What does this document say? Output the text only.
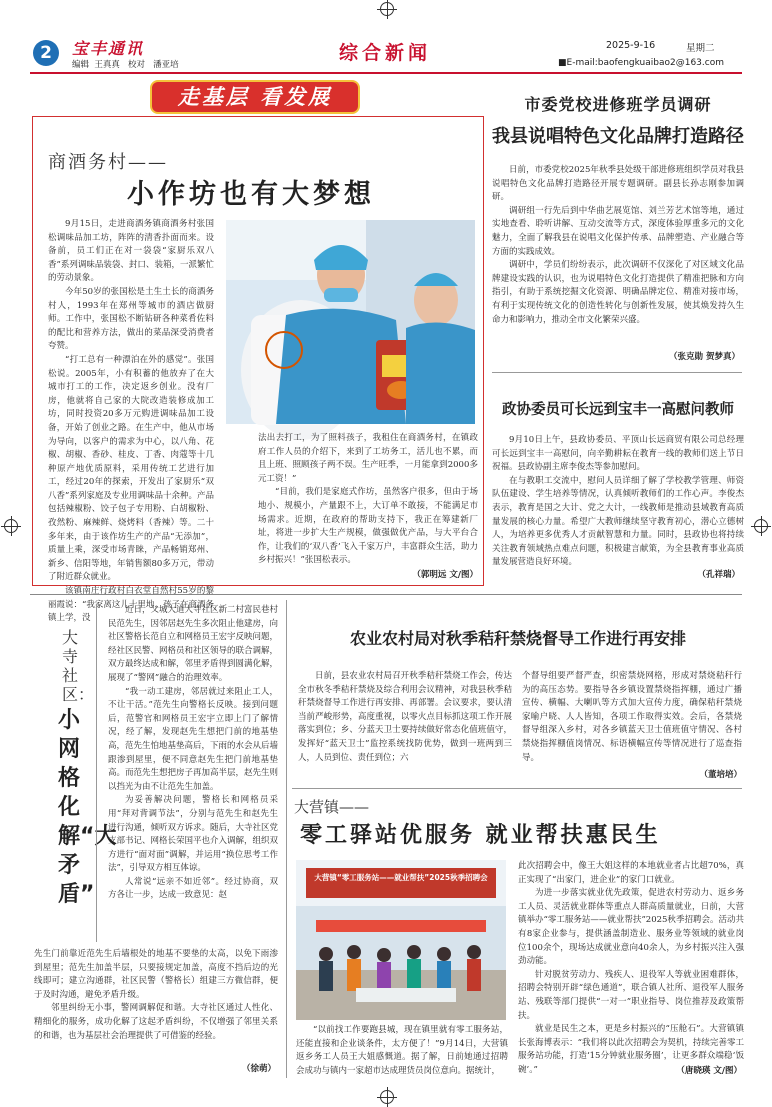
2	宝丰通讯
编辑  王真真   校对   潘亚培
综合新闻	2025-9-16	星期二
■E-mail:baofengkuaibao2@163.com
走基层 看发展
商酒务村——
小作坊也有大梦想

9月15日，走进商酒务镇商酒务村张国松调味品加工坊，阵阵的清香扑面而来。设备前，员工们正在对一袋袋“家厨乐双八香”系列调味品装袋、封口、装箱，一派繁忙的劳动景象。

今年50岁的张国松是土生土长的商酒务村人，1993年在郑州等城市的酒店做厨师。工作中，张国松不断钻研各种菜肴佐料的配比和营养方法，做出的菜品深受消费者夸赞。

“打工总有一种漂泊在外的感觉”。张国松说。2005年，小有积蓄的他放弃了在大城市打工的工作，决定返乡创业。没有厂房，他就将自己家的大院改造装修成加工坊，同时投资20多万元购进调味品加工设备，开始了创业之路。在生产中，他从市场为导向，以客户的需求为中心，以八角、花椒、胡椒、香砂、桂皮、丁香、肉蔻等十几种原产地优质原料，采用传统工艺进行加工，经过20年的探索，开发出了家厨乐“双八香”系列家庭及专业用调味品十余种。产品包括辣椒粉、饺子包子专用粉、白胡椒粉、孜然粉、麻辣鲜、烧烤料（香辣）等。二十多年来，由于该作坊生产的产品“无添加”，质量上乘，深受市场青睐，产品畅销郑州、新乡、信阳等地，年销售额80多万元，带动了附近群众就业。

该镇南庄行政村白衣堂自然村55岁的黎丽霞说：“我家离这儿十里地，孩子在商酒务镇上学，没

法出去打工，为了照料孩子，我租住在商酒务村，在镇政府工作人员的介绍下，来到了工坊务工，活儿也不累，而且上班、照顾孩子两不误。生产旺季，一月能拿到2000多元工资！”

“目前，我们是家庭式作坊，虽然客户很多，但由于场地小、规模小，产量跟不上，大订单不敢接，不能满足市场需求。近期，在政府的帮助支持下，我正在筹建新厂址，将进一步扩大生产规模，做强做优产品，与大平台合作，让我们的‘双八香’飞入千家万户，丰富群众生活，助力乡村振兴！”张国松表示。

（郭明远 文/图）
市委党校进修班学员调研
我县说唱特色文化品牌打造路径

日前，市委党校2025年秋季县处级干部进修班组织学员对我县说唱特色文化品牌打造路径开展专题调研。副县长孙志刚参加调研。

调研组一行先后到中华曲艺展览馆、刘兰芳艺术馆等地，通过实地查看、聆听讲解、互动交流等方式，深度体验厚重多元的文化魅力，全面了解我县在说唱文化保护传承、品牌塑造、产业融合等方面的实践成效。

调研中，学员们纷纷表示，此次调研不仅深化了对区域文化品牌建设实践的认识，也为说唱特色文化打造提供了精准把脉和方向指引，有助于系统挖掘文化资源、明确品牌定位、精准对接市场，有利于实现传统文化的创造性转化与创新性发展，使其焕发持久生命力和影响力，推动全市文化繁荣兴盛。

（张克勋 贺梦真）
政协委员可长远到宝丰一高慰问教师

9月10日上午，县政协委员、平顶山长远商贸有限公司总经理可长远到宝丰一高慰问，向辛勤耕耘在教育一线的教师们送上节日祝福。县政协副主席李俊杰等参加慰问。

在与教职工交流中，慰问人员详细了解了学校教学管理、师资队伍建设、学生培养等情况，认真倾听教师们的工作心声。李俊杰表示，教育是国之大计、党之大计，一线教师是推动县域教育高质量发展的核心力量。希望广大教师继续坚守教育初心，潜心立德树人，为培养更多优秀人才贡献智慧和力量。同时，县政协也将持续关注教育领域热点难点问题，积极建言献策，为全县教育事业高质量发展营造良好环境。

（孔祥瑞）
大寺社区：
小网格化解“大矛盾”

近日，父城大道大寺社区新二村富民巷村民范先生，因邻居赵先生多次阻止他建房，向社区警格长范自立和网格员王宏宇反映问题，经社区民警、网格员和社区领导的联合调解，双方最终达成和解，邻里矛盾得到圆满化解，展现了“警网”融合的治理效率。

“我一动工建房，邻居就过来阻止工人，不让干活。”范先生向警格长反映。接到问题后，范警官和网格员王宏宇立即上门了解情况，经了解，发现赵先生想把门前的地基垫高，范先生怕地基垫高后，下雨的水会从后墙跟渗到屋里，便不同意赵先生把门前地基垫高。而范先生想把房子再加高半层，赵先生则以挡光为由不让范先生加盖。

为妥善解决问题，警格长和网格员采用“拜对背调节法”，分别与范先生和赵先生进行沟通，倾听双方诉求。随后，大寺社区党支部书记、网格长荣国平也介入调解，组织双方进行“面对面”调解，并运用“换位思考工作法”，引导双方相互体谅。

人常说“远亲不如近邻”。经过协商，双方各让一步，达成一致意见：赵

先生门前靠近范先生后墙根处的地基不要垫的太高，以免下雨渗到屋里；范先生加盖半层，只要接规定加盖，高度不挡后边的光线即可；建立沟通群，社区民警（警格长）组建三方微信群，便于及时沟通，避免矛盾升级。

邻里纠纷无小事，警网调解促和谐。大寺社区通过人性化、精细化的服务，成功化解了这起矛盾纠纷，不仅增强了邻里关系的和谐，也为基层社会治理提供了可借鉴的经验。

（徐萌）
农业农村局对秋季秸秆禁烧督导工作进行再安排

日前，县农业农村局召开秋季秸秆禁烧工作会，传达全市秋冬季秸秆禁烧及综合利用会议精神，对我县秋季秸秆禁烧督导工作进行再安排、再部署。会议要求，要认清当前严峻形势，高度重视，以零火点目标抓这项工作开展落实到位；乡、分蓝天卫士要持续做好常态化值班值守，发挥好“蓝天卫士”监控系统找防优势，做到一班两到三人，人员到位、责任到位；六

个督导组要严督严查，织密禁烧网格，形成对禁烧秸秆行为的高压态势。要指导各乡镇设置禁烧指挥棚，通过广播宣传、横幅、大喇叭等方式加大宣传力度，确保秸秆禁烧家喻户晓、人人皆知，各项工作取得实效。会后，各禁烧督导组深入乡村，对各乡镇蓝天卫士值班值守情况、各村禁烧指挥棚值岗情况、标语横幅宣传等情况进行了巡查指导。

（董培培）
大营镇——
零工驿站优服务 就业帮扶惠民生
大营镇“零工服务站——就业帮扶”2025秋季招聘会

“以前找工作要跑县城，现在镇里就有零工服务站，还能直接和企业谈条件，太方便了！”9月14日，大营镇返乡务工人员王大姐感慨道。据了解，日前她通过招聘会成功与镇内一家超市达成理货员岗位意向。据统计，

此次招聘会中，像王大姐这样的本地就业者占比超70%，真正实现了“出家门，进企业”的家门口就业。

为进一步落实就业优先政策，促进农村劳动力、返乡务工人员、灵活就业群体等重点人群高质量就业，日前，大营镇举办“零工服务站——就业帮扶”2025秋季招聘会。活动共有8家企业参与，提供涵盖制造业、服务业等领域的就业岗位100余个，现场达成就业意向40余人，为乡村振兴注入强劲动能。

针对脱贫劳动力、残疾人、退役军人等就业困难群体，招聘会特别开辟“绿色通道”，联合镇人社所、退役军人服务站、残联等部门提供“一对一”职业指导、岗位推荐及政策帮扶。

就业是民生之本，更是乡村振兴的“压舱石”。大营镇镇长张海博表示：“我们将以此次招聘会为契机，持续完善零工服务站功能，打造‘15分钟就业服务圈’，让更多群众端稳‘饭碗’。”	（唐晓瑛 文/图）
